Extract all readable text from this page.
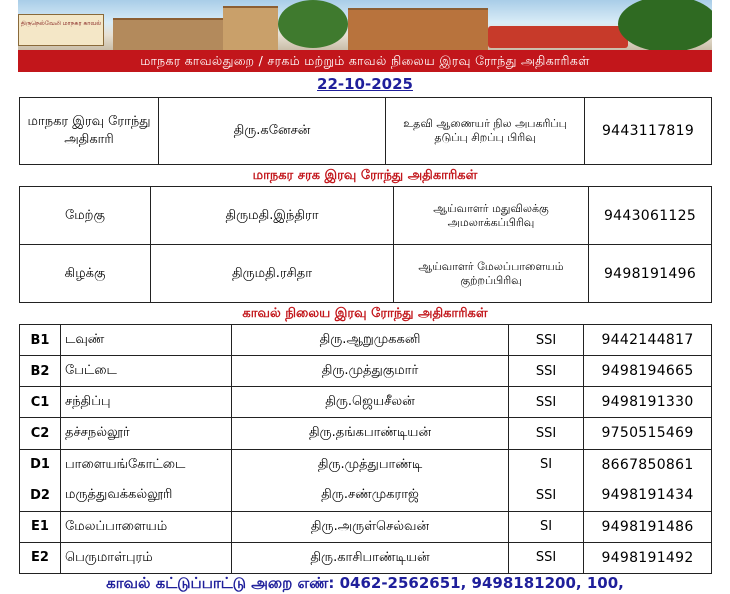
திருநெல்வேலி மாநகர காவல்
மாநகர காவல்துறை / சரகம் மற்றும் காவல் நிலைய இரவு ரோந்து அதிகாரிகள்
22-10-2025
மாநகர இரவு ரோந்து அதிகாரி	திரு.கனேசன்	உதவி ஆணையர் நில அபகரிப்பு தடுப்பு சிறப்பு பிரிவு	9443117819
மாநகர சரக இரவு ரோந்து அதிகாரிகள்
மேற்கு	திருமதி.இந்திரா	ஆய்வாளர் மதுவிலக்கு அமலாக்கப்பிரிவு	9443061125
கிழக்கு	திருமதி.ரசிதா	ஆய்வாளர் மேலப்பாளையம் குற்றப்பிரிவு	9498191496
காவல் நிலைய இரவு ரோந்து அதிகாரிகள்
B1	டவுண்	திரு.ஆறுமுககனி	SSI	9442144817
B2	பேட்டை	திரு.முத்துகுமார்	SSI	9498194665
C1	சந்திப்பு	திரு.ஜெயசீலன்	SSI	9498191330
C2	தச்சநல்லூர்	திரு.தங்கபாண்டியன்	SSI	9750515469
D1	பாளையங்கோட்டை	திரு.முத்துபாண்டி	SI	8667850861
D2	மருத்துவக்கல்லூரி	திரு.சண்முகராஜ்	SSI	9498191434
E1	மேலப்பாளையம்	திரு.அருள்செல்வன்	SI	9498191486
E2	பெருமாள்புரம்	திரு.காசிபாண்டியன்	SSI	9498191492
காவல் கட்டுப்பாட்டு அறை எண்: 0462-2562651, 9498181200, 100,
